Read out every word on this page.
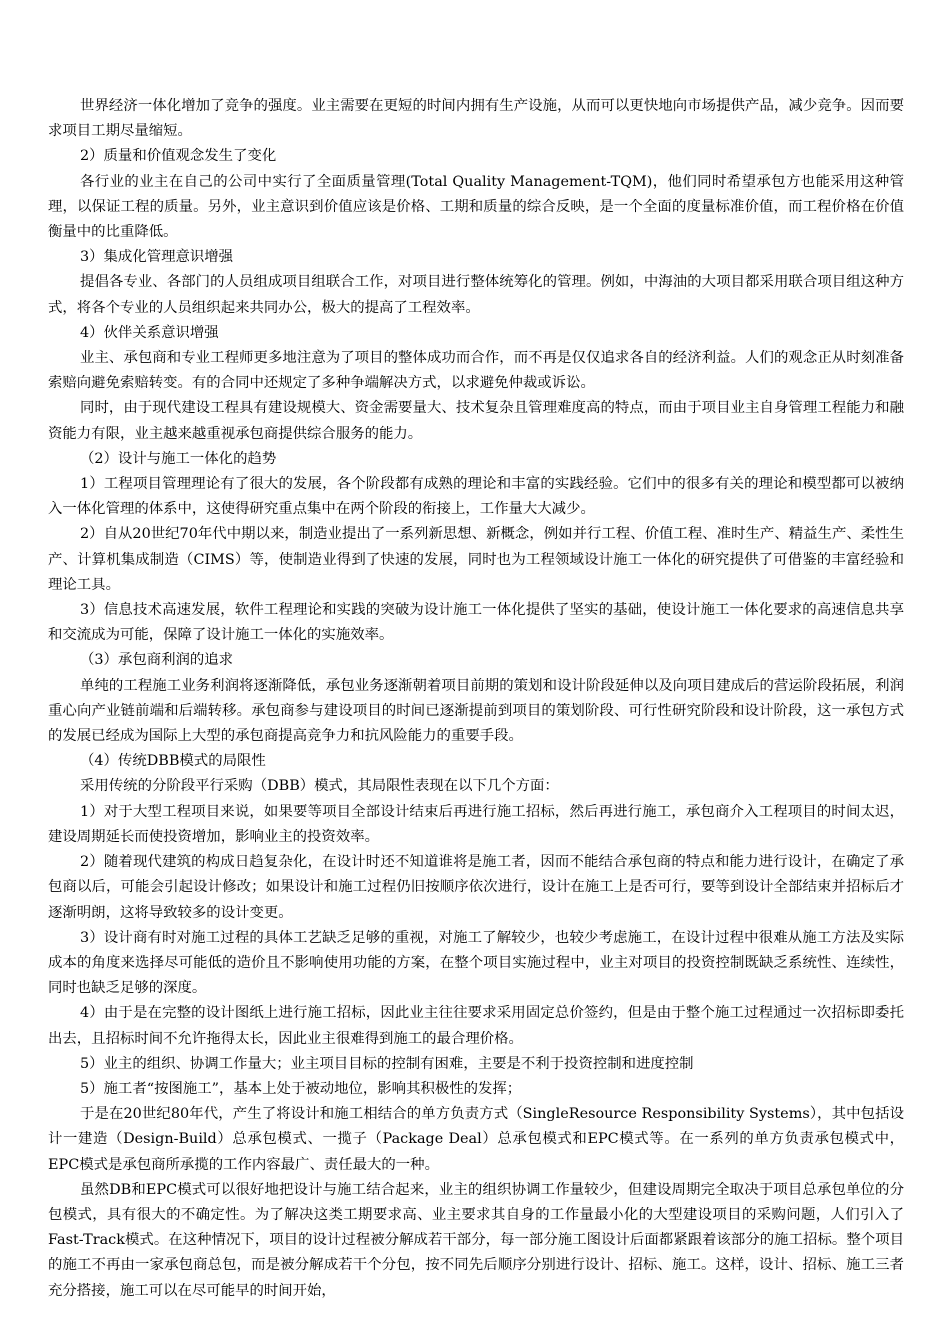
世界经济一体化增加了竞争的强度。业主需要在更短的时间内拥有生产设施，从而可以更快地向市场提供产品，减少竞争。因而要求项目工期尽量缩短。

2）质量和价值观念发生了变化

各行业的业主在自己的公司中实行了全面质量管理(Total Quality Management-TQM)，他们同时希望承包方也能采用这种管理，以保证工程的质量。另外，业主意识到价值应该是价格、工期和质量的综合反映，是一个全面的度量标准价值，而工程价格在价值衡量中的比重降低。

3）集成化管理意识增强

提倡各专业、各部门的人员组成项目组联合工作，对项目进行整体统筹化的管理。例如，中海油的大项目都采用联合项目组这种方式，将各个专业的人员组织起来共同办公，极大的提高了工程效率。

4）伙伴关系意识增强

业主、承包商和专业工程师更多地注意为了项目的整体成功而合作，而不再是仅仅追求各自的经济利益。人们的观念正从时刻准备索赔向避免索赔转变。有的合同中还规定了多种争端解决方式，以求避免仲裁或诉讼。

同时，由于现代建设工程具有建设规模大、资金需要量大、技术复杂且管理难度高的特点，而由于项目业主自身管理工程能力和融资能力有限，业主越来越重视承包商提供综合服务的能力。

（2）设计与施工一体化的趋势

1）工程项目管理理论有了很大的发展，各个阶段都有成熟的理论和丰富的实践经验。它们中的很多有关的理论和模型都可以被纳入一体化管理的体系中，这使得研究重点集中在两个阶段的衔接上，工作量大大减少。

2）自从20世纪70年代中期以来，制造业提出了一系列新思想、新概念，例如并行工程、价值工程、准时生产、精益生产、柔性生产、计算机集成制造（CIMS）等，使制造业得到了快速的发展，同时也为工程领域设计施工一体化的研究提供了可借鉴的丰富经验和理论工具。

3）信息技术高速发展，软件工程理论和实践的突破为设计施工一体化提供了坚实的基础，使设计施工一体化要求的高速信息共享和交流成为可能，保障了设计施工一体化的实施效率。

（3）承包商利润的追求

单纯的工程施工业务利润将逐渐降低，承包业务逐渐朝着项目前期的策划和设计阶段延伸以及向项目建成后的营运阶段拓展，利润重心向产业链前端和后端转移。承包商参与建设项目的时间已逐渐提前到项目的策划阶段、可行性研究阶段和设计阶段，这一承包方式的发展已经成为国际上大型的承包商提高竞争力和抗风险能力的重要手段。

（4）传统DBB模式的局限性

采用传统的分阶段平行采购（DBB）模式，其局限性表现在以下几个方面：

1）对于大型工程项目来说，如果要等项目全部设计结束后再进行施工招标，然后再进行施工，承包商介入工程项目的时间太迟，建设周期延长而使投资增加，影响业主的投资效率。

2）随着现代建筑的构成日趋复杂化，在设计时还不知道谁将是施工者，因而不能结合承包商的特点和能力进行设计，在确定了承包商以后，可能会引起设计修改；如果设计和施工过程仍旧按顺序依次进行，设计在施工上是否可行，要等到设计全部结束并招标后才逐渐明朗，这将导致较多的设计变更。

3）设计商有时对施工过程的具体工艺缺乏足够的重视，对施工了解较少，也较少考虑施工，在设计过程中很难从施工方法及实际成本的角度来选择尽可能低的造价且不影响使用功能的方案，在整个项目实施过程中，业主对项目的投资控制既缺乏系统性、连续性，同时也缺乏足够的深度。

4）由于是在完整的设计图纸上进行施工招标，因此业主往往要求采用固定总价签约，但是由于整个施工过程通过一次招标即委托出去，且招标时间不允许拖得太长，因此业主很难得到施工的最合理价格。

5）业主的组织、协调工作量大；业主项目目标的控制有困难，主要是不利于投资控制和进度控制

5）施工者“按图施工”，基本上处于被动地位，影响其积极性的发挥；

于是在20世纪80年代，产生了将设计和施工相结合的单方负责方式（SingleResource Responsibility Systems），其中包括设计一建造（Design-Build）总承包模式、一揽子（Package Deal）总承包模式和EPC模式等。在一系列的单方负责承包模式中，EPC模式是承包商所承揽的工作内容最广、责任最大的一种。

虽然DB和EPC模式可以很好地把设计与施工结合起来，业主的组织协调工作量较少，但建设周期完全取决于项目总承包单位的分包模式，具有很大的不确定性。为了解决这类工期要求高、业主要求其自身的工作量最小化的大型建设项目的采购问题，人们引入了Fast-Track模式。在这种情况下，项目的设计过程被分解成若干部分，每一部分施工图设计后面都紧跟着该部分的施工招标。整个项目的施工不再由一家承包商总包，而是被分解成若干个分包，按不同先后顺序分别进行设计、招标、施工。这样，设计、招标、施工三者充分搭接，施工可以在尽可能早的时间开始，
